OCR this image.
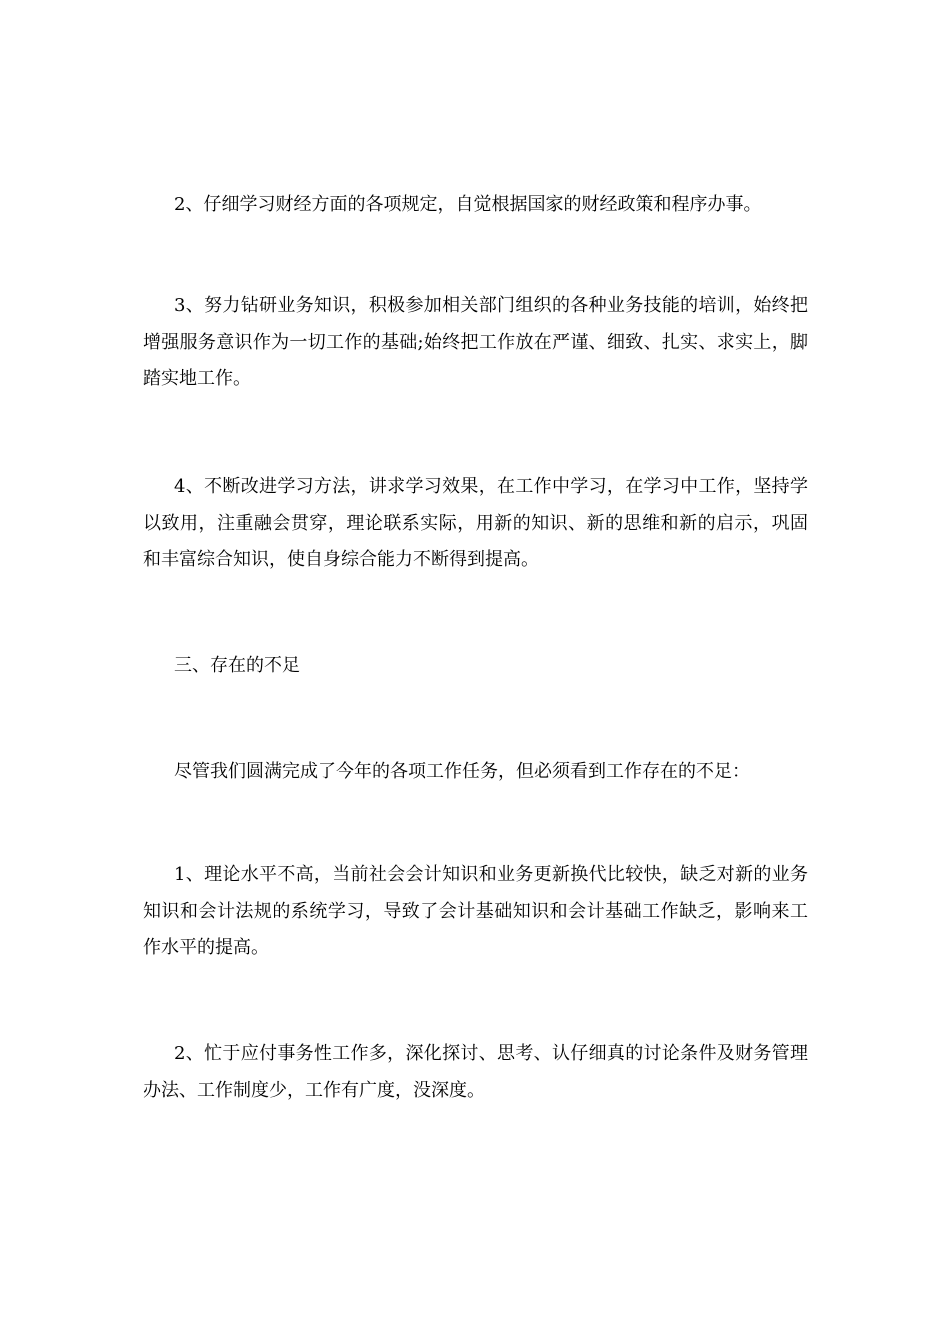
2、仔细学习财经方面的各项规定，自觉根据国家的财经政策和程序办事。

3、努力钻研业务知识，积极参加相关部门组织的各种业务技能的培训，始终把增强服务意识作为一切工作的基础;始终把工作放在严谨、细致、扎实、求实上，脚踏实地工作。

4、不断改进学习方法，讲求学习效果，在工作中学习，在学习中工作，坚持学以致用，注重融会贯穿，理论联系实际，用新的知识、新的思维和新的启示，巩固和丰富综合知识，使自身综合能力不断得到提高。

三、存在的不足

尽管我们圆满完成了今年的各项工作任务，但必须看到工作存在的不足：

1、理论水平不高，当前社会会计知识和业务更新换代比较快，缺乏对新的业务知识和会计法规的系统学习，导致了会计基础知识和会计基础工作缺乏，影响来工作水平的提高。

2、忙于应付事务性工作多，深化探讨、思考、认仔细真的讨论条件及财务管理办法、工作制度少，工作有广度，没深度。
